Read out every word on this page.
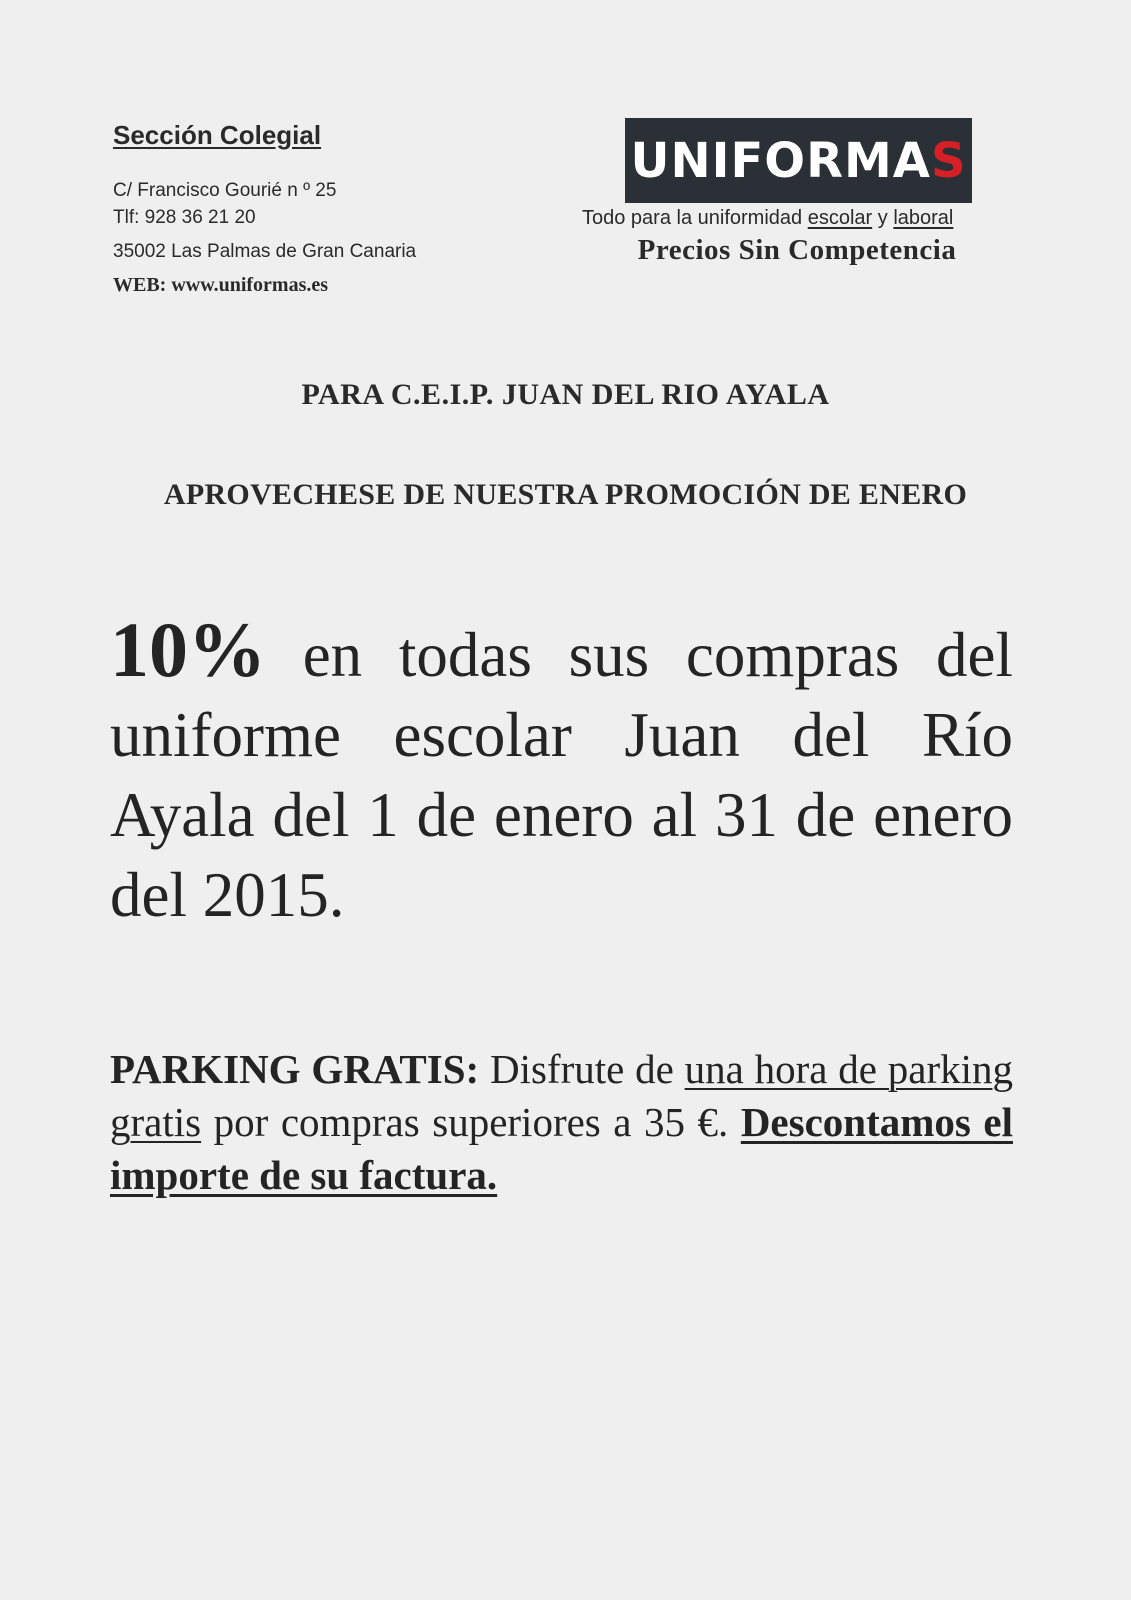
Sección Colegial
C/ Francisco Gourié n º 25
Tlf: 928 36 21 20
35002 Las Palmas de Gran Canaria
WEB: www.uniformas.es
UNIFORMAS
Todo para la uniformidad escolar y laboral
Precios Sin Competencia
PARA C.E.I.P. JUAN DEL RIO AYALA
APROVECHESE DE NUESTRA PROMOCIÓN DE ENERO
10% en todas sus compras del uniforme escolar Juan del Río Ayala del 1 de enero al 31 de enero del 2015.
PARKING GRATIS: Disfrute de una hora de parking gratis por compras superiores a 35 €. Descontamos el importe de su factura.
